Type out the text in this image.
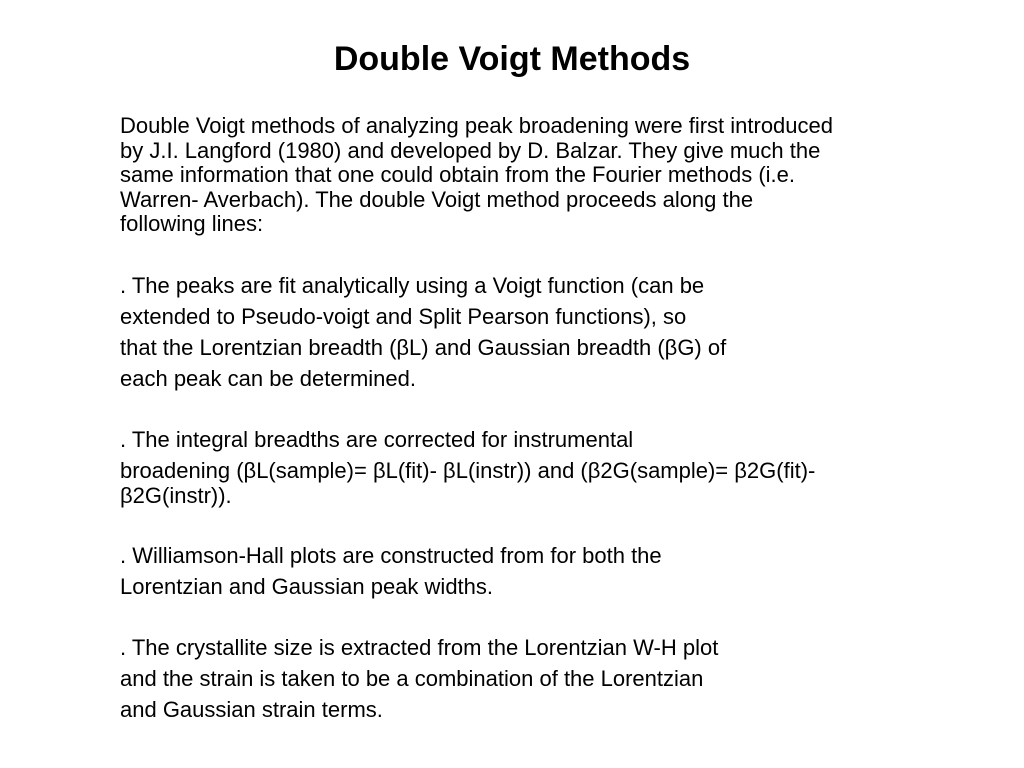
Double Voigt Methods
Double Voigt methods of analyzing peak broadening were first introduced
by J.I. Langford (1980) and developed by D. Balzar. They give much the
same information that one could obtain from the Fourier methods (i.e.
Warren- Averbach). The double Voigt method proceeds along the
following lines:
. The peaks are fit analytically using a Voigt function (can be
extended to Pseudo-voigt and Split Pearson functions), so
that the Lorentzian breadth (βL) and Gaussian breadth (βG) of
each peak can be determined.
. The integral breadths are corrected for instrumental
broadening (βL(sample)= βL(fit)- βL(instr)) and (β2G(sample)= β2G(fit)-
β2G(instr)).
. Williamson-Hall plots are constructed from for both the
Lorentzian and Gaussian peak widths.
. The crystallite size is extracted from the Lorentzian W-H plot
and the strain is taken to be a combination of the Lorentzian
and Gaussian strain terms.
